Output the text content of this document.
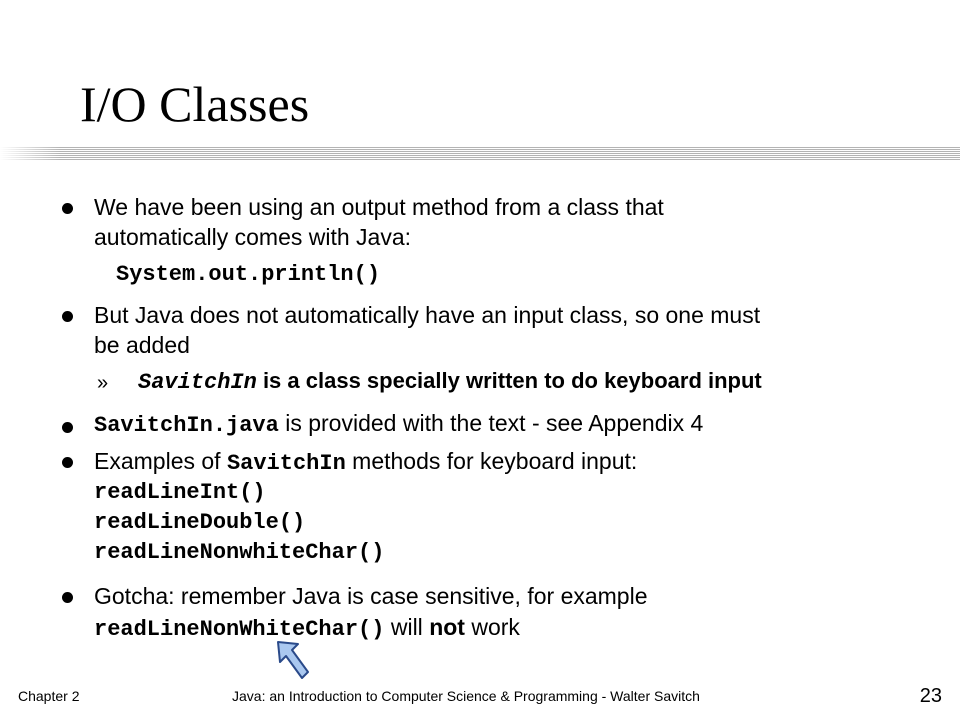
I/O Classes
We have been using an output method from a class that
automatically comes with Java:
System.out.println()
But Java does not automatically have an input class, so one must
be added
» SavitchIn is a class specially written to do keyboard input
SavitchIn.java is provided with the text - see Appendix 4
Examples of SavitchIn methods for keyboard input:
readLineInt()
readLineDouble()
readLineNonwhiteChar()
Gotcha: remember Java is case sensitive, for example
readLineNonWhiteChar() will not work
Chapter 2	Java: an Introduction to Computer Science & Programming - Walter Savitch	23
